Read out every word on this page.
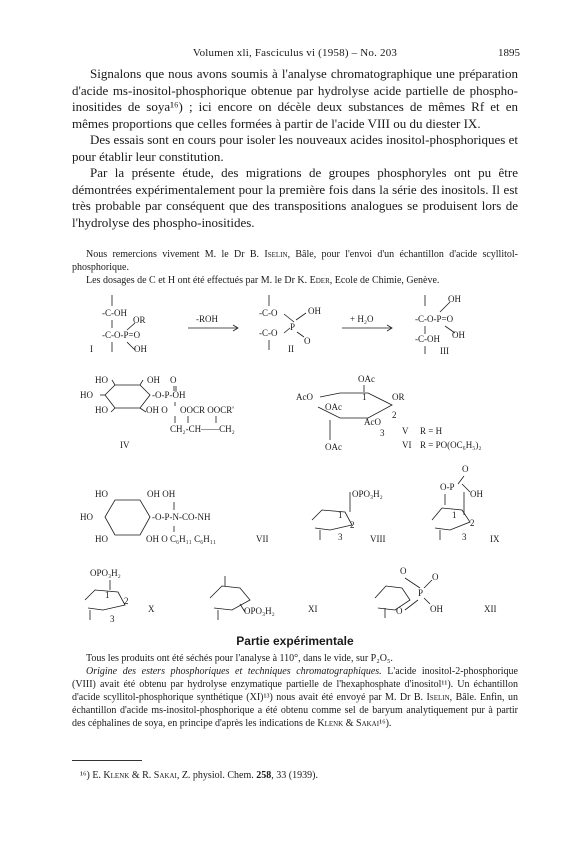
Volumen xli, Fasciculus vi (1958) – No. 203	1895

Signalons que nous avons soumis à l'analyse chromatographique une préparation d'acide ms-inositol-phosphorique obtenue par hydrolyse acide partielle de phospho-inositides de soya¹⁶) ; ici encore on décèle deux substances de mêmes Rf et en mêmes proportions que celles formées à partir de l'acide VIII ou du diester IX.

Des essais sont en cours pour isoler les nouveaux acides inositol-phosphoriques et pour établir leur constitution.

Par la présente étude, des migrations de groupes phosphoryles ont pu être démontrées expérimentalement pour la première fois dans la série des inositols. Il est très probable par conséquent que des transpositions analogues se produisent lors de l'hydrolyse des phospho-inositides.

Nous remercions vivement M. le Dr B. Iselin, Bâle, pour l'envoi d'un échantillon d'acide scyllitol-phosphorique.

Les dosages de C et H ont été effectués par M. le Dr K. Eder, Ecole de Chimie, Genève.

-C-OH
OR
-C-O-P=O
OH
I
-ROH
-C-O
P
OH
O
-C-O
II
+ H₂O
OH
-C-O-P=O
OH
-C-OH
III
HO	OH O
HO	-O-P-OH
HO	OH O OOCR OOCR'
CH₂-CH——CH₂
IV
OAc
AcO
OAc
1	OR
2
AcO
3
OAc
V R = H
VI R = PO(OC₆H₅)₂
HO	OH OH
HO	-O-P-N-CO-NH
HO	OH O C₆H₁₁ C₆H₁₁	VII
OPO₃H₂
1
2
3	VIII
O
O-P
OH
1
2
3	IX
OPO₃H₂
1
2
3
X	OPO₃H₂	XI
O
P
O
OH
O	XII
Partie expérimentale

Tous les produits ont été séchés pour l'analyse à 110°, dans le vide, sur P₂O₅.

Origine des esters phosphoriques et techniques chromatographiques. L'acide inositol-2-phosphorique (VIII) avait été obtenu par hydrolyse enzymatique partielle de l'hexaphosphate d'inositol¹¹). Un échantillon d'acide scyllitol-phosphorique synthétique (XI)¹³) nous avait été envoyé par M. Dr B. Iselin, Bâle. Enfin, un échantillon d'acide ms-inositol-phosphorique a été obtenu comme sel de baryum analytiquement pur à partir des céphalines de soya, en principe d'après les indications de Klenk & Sakai¹⁶).

¹⁶) E. Klenk & R. Sakai, Z. physiol. Chem. 258, 33 (1939).
